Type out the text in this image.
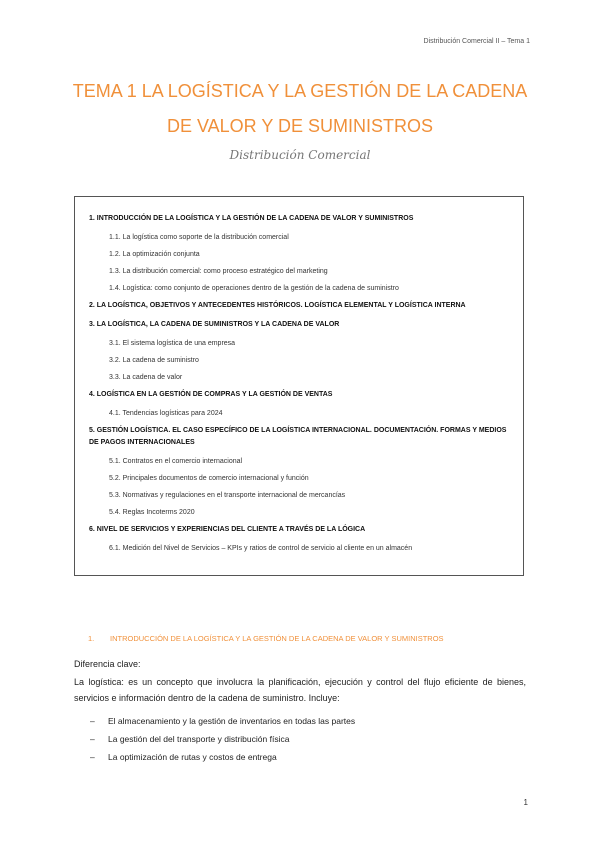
Distribución Comercial II – Tema 1
TEMA 1 LA LOGÍSTICA Y LA GESTIÓN DE LA CADENA DE VALOR Y DE SUMINISTROS
Distribución Comercial
1. INTRODUCCIÓN DE LA LOGÍSTICA Y LA GESTIÓN DE LA CADENA DE VALOR Y SUMINISTROS
1.1. La logística como soporte de la distribución comercial
1.2. La optimización conjunta
1.3. La distribución comercial: como proceso estratégico del marketing
1.4. Logística: como conjunto de operaciones dentro de la gestión de la cadena de suministro
2. LA LOGÍSTICA, OBJETIVOS Y ANTECEDENTES HISTÓRICOS. LOGÍSTICA ELEMENTAL Y LOGÍSTICA INTERNA
3. LA LOGÍSTICA, LA CADENA DE SUMINISTROS Y LA CADENA DE VALOR
3.1. El sistema logística de una empresa
3.2. La cadena de suministro
3.3. La cadena de valor
4. LOGÍSTICA EN LA GESTIÓN DE COMPRAS Y LA GESTIÓN DE VENTAS
4.1. Tendencias logísticas para 2024
5. GESTIÓN LOGÍSTICA. EL CASO ESPECÍFICO DE LA LOGÍSTICA INTERNACIONAL. DOCUMENTACIÓN. FORMAS Y MEDIOS DE PAGOS INTERNACIONALES
5.1. Contratos en el comercio internacional
5.2. Principales documentos de comercio internacional y función
5.3. Normativas y regulaciones en el transporte internacional de mercancías
5.4. Reglas Incoterms 2020
6. NIVEL DE SERVICIOS Y EXPERIENCIAS DEL CLIENTE A TRAVÉS DE LA LÓGICA
6.1. Medición del Nivel de Servicios – KPIs y ratios de control de servicio al cliente en un almacén
1. INTRODUCCIÓN DE LA LOGÍSTICA Y LA GESTIÓN DE LA CADENA DE VALOR Y SUMINISTROS
Diferencia clave:
La logística: es un concepto que involucra la planificación, ejecución y control del flujo eficiente de bienes, servicios e información dentro de la cadena de suministro. Incluye:
– El almacenamiento y la gestión de inventarios en todas las partes
– La gestión del del transporte y distribución física
– La optimización de rutas y costos de entrega
1
